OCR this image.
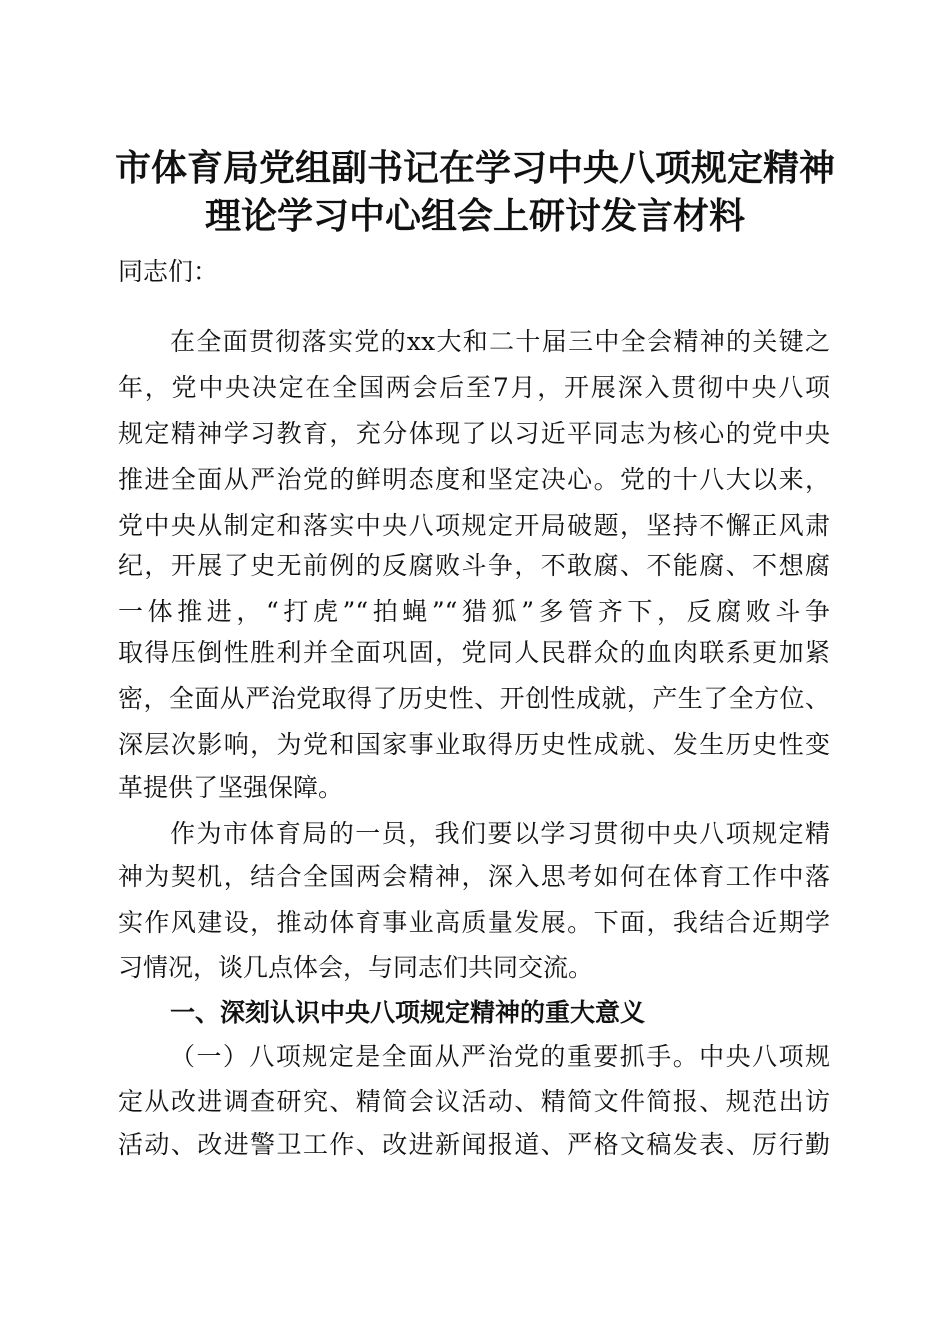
市体育局党组副书记在学习中央八项规定精神
理论学习中心组会上研讨发言材料
同志们：
在全面贯彻落实党的xx大和二十届三中全会精神的关键之
年，党中央决定在全国两会后至7月，开展深入贯彻中央八项
规定精神学习教育，充分体现了以习近平同志为核心的党中央
推进全面从严治党的鲜明态度和坚定决心。党的十八大以来，
党中央从制定和落实中央八项规定开局破题，坚持不懈正风肃
纪，开展了史无前例的反腐败斗争，不敢腐、不能腐、不想腐
一体推进，“打虎”“拍蝇”“猎狐”多管齐下，反腐败斗争
取得压倒性胜利并全面巩固，党同人民群众的血肉联系更加紧
密，全面从严治党取得了历史性、开创性成就，产生了全方位、
深层次影响，为党和国家事业取得历史性成就、发生历史性变
革提供了坚强保障。
作为市体育局的一员，我们要以学习贯彻中央八项规定精
神为契机，结合全国两会精神，深入思考如何在体育工作中落
实作风建设，推动体育事业高质量发展。下面，我结合近期学
习情况，谈几点体会，与同志们共同交流。
一、深刻认识中央八项规定精神的重大意义
（一）八项规定是全面从严治党的重要抓手。中央八项规
定从改进调查研究、精简会议活动、精简文件简报、规范出访
活动、改进警卫工作、改进新闻报道、严格文稿发表、厉行勤
